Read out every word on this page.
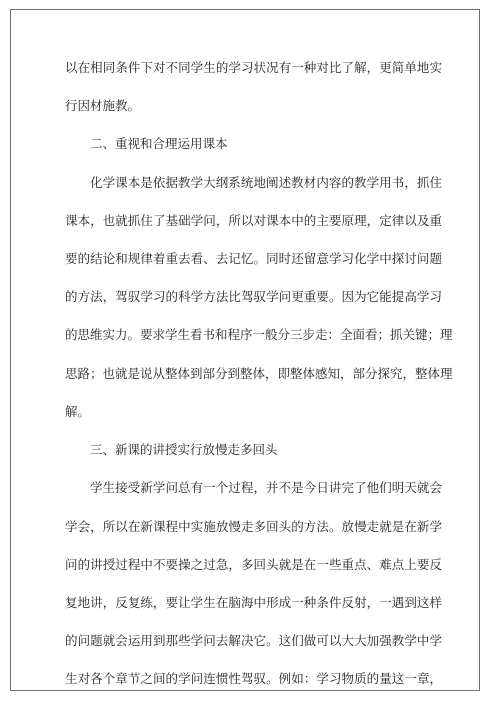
以在相同条件下对不同学生的学习状况有一种对比了解，更简单地实
行因材施教。
二、重视和合理运用课本
化学课本是依据教学大纲系统地阐述教材内容的教学用书，抓住
课本，也就抓住了基础学问，所以对课本中的主要原理，定律以及重
要的结论和规律着重去看、去记忆。同时还留意学习化学中探讨问题
的方法，驾驭学习的科学方法比驾驭学问更重要。因为它能提高学习
的思维实力。要求学生看书和程序一般分三步走：全面看；抓关键；理
思路；也就是说从整体到部分到整体，即整体感知，部分探究，整体理
解。
三、新课的讲授实行放慢走多回头
学生接受新学问总有一个过程，并不是今日讲完了他们明天就会
学会，所以在新课程中实施放慢走多回头的方法。放慢走就是在新学
问的讲授过程中不要操之过急，多回头就是在一些重点、难点上要反
复地讲，反复练，要让学生在脑海中形成一种条件反射，一遇到这样
的问题就会运用到那些学问去解决它。这们做可以大大加强教学中学
生对各个章节之间的学问连惯性驾驭。例如：学习物质的量这一章，
